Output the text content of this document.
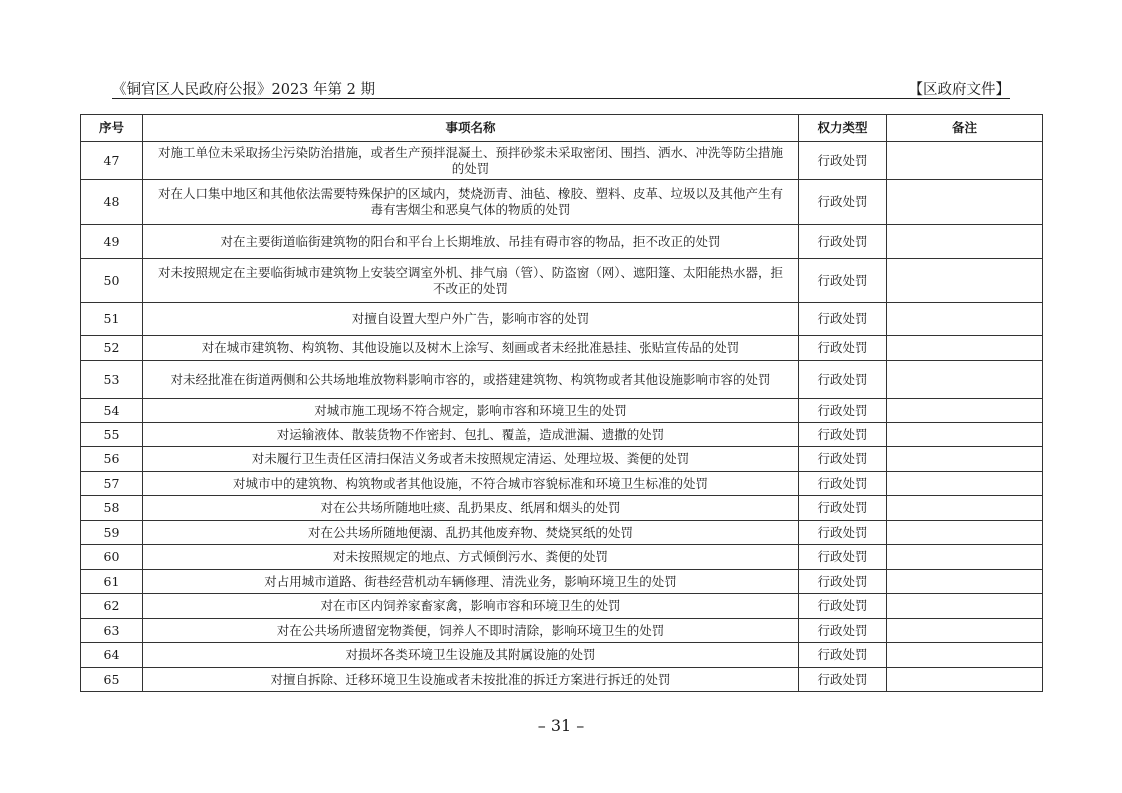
《铜官区人民政府公报》2023 年第 2 期	【区政府文件】
序号	事项名称	权力类型	备注
47	对施工单位未采取扬尘污染防治措施，或者生产预拌混凝土、预拌砂浆未采取密闭、围挡、洒水、冲洗等防尘措施的处罚	行政处罚	
48	对在人口集中地区和其他依法需要特殊保护的区域内，焚烧沥青、油毡、橡胶、塑料、皮革、垃圾以及其他产生有毒有害烟尘和恶臭气体的物质的处罚	行政处罚	
49	对在主要街道临街建筑物的阳台和平台上长期堆放、吊挂有碍市容的物品，拒不改正的处罚	行政处罚	
50	对未按照规定在主要临街城市建筑物上安装空调室外机、排气扇（管）、防盗窗（网）、遮阳篷、太阳能热水器，拒不改正的处罚	行政处罚	
51	对擅自设置大型户外广告，影响市容的处罚	行政处罚	
52	对在城市建筑物、构筑物、其他设施以及树木上涂写、刻画或者未经批准悬挂、张贴宣传品的处罚	行政处罚	
53	对未经批准在街道两侧和公共场地堆放物料影响市容的，或搭建建筑物、构筑物或者其他设施影响市容的处罚	行政处罚	
54	对城市施工现场不符合规定，影响市容和环境卫生的处罚	行政处罚	
55	对运输液体、散装货物不作密封、包扎、覆盖，造成泄漏、遗撒的处罚	行政处罚	
56	对未履行卫生责任区清扫保洁义务或者未按照规定清运、处理垃圾、粪便的处罚	行政处罚	
57	对城市中的建筑物、构筑物或者其他设施，不符合城市容貌标准和环境卫生标准的处罚	行政处罚	
58	对在公共场所随地吐痰、乱扔果皮、纸屑和烟头的处罚	行政处罚	
59	对在公共场所随地便溺、乱扔其他废弃物、焚烧冥纸的处罚	行政处罚	
60	对未按照规定的地点、方式倾倒污水、粪便的处罚	行政处罚	
61	对占用城市道路、街巷经营机动车辆修理、清洗业务，影响环境卫生的处罚	行政处罚	
62	对在市区内饲养家畜家禽，影响市容和环境卫生的处罚	行政处罚	
63	对在公共场所遗留宠物粪便，饲养人不即时清除，影响环境卫生的处罚	行政处罚	
64	对损坏各类环境卫生设施及其附属设施的处罚	行政处罚	
65	对擅自拆除、迁移环境卫生设施或者未按批准的拆迁方案进行拆迁的处罚	行政处罚	
– 31 –
